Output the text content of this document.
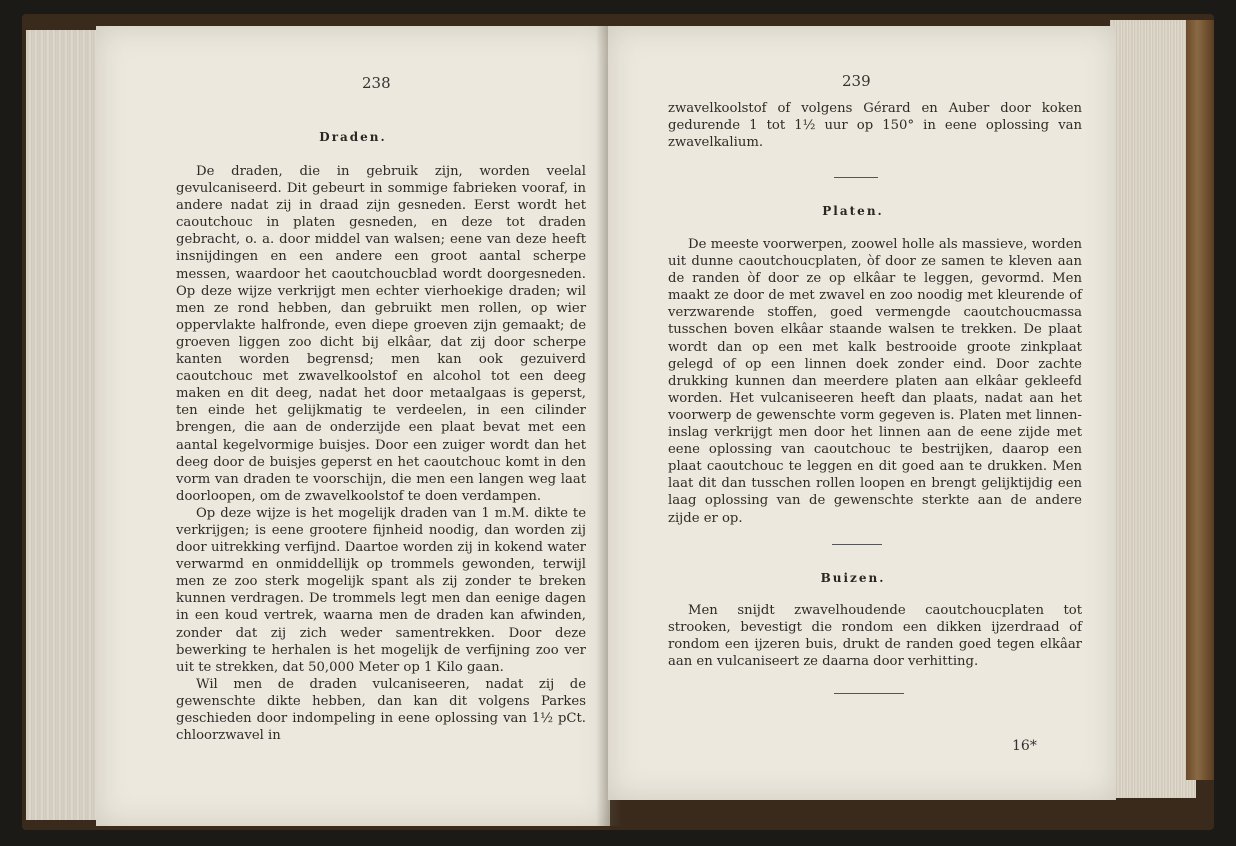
238
Draden.

De draden, die in gebruik zijn, worden veelal gevulcaniseerd. Dit gebeurt in sommige fabrieken vooraf, in andere nadat zij in draad zijn gesneden. Eerst wordt het caoutchouc in platen gesneden, en deze tot draden gebracht, o. a. door middel van walsen; eene van deze heeft insnijdingen en een andere een groot aantal scherpe messen, waardoor het caoutchoucblad wordt doorgesneden. Op deze wijze verkrijgt men echter vierhoekige draden; wil men ze rond hebben, dan gebruikt men rollen, op wier oppervlakte halfronde, even diepe groeven zijn gemaakt; de groeven liggen zoo dicht bij elkâar, dat zij door scherpe kanten worden begrensd; men kan ook gezuiverd caoutchouc met zwavelkoolstof en alcohol tot een deeg maken en dit deeg, nadat het door metaalgaas is geperst, ten einde het gelijkmatig te verdeelen, in een cilinder brengen, die aan de onderzijde een plaat bevat met een aantal kegelvormige buisjes. Door een zuiger wordt dan het deeg door de buisjes geperst en het caoutchouc komt in den vorm van draden te voorschijn, die men een langen weg laat doorloopen, om de zwavelkoolstof te doen verdampen.

Op deze wijze is het mogelijk draden van 1 m.M. dikte te verkrijgen; is eene grootere fijnheid noodig, dan worden zij door uitrekking verfijnd. Daartoe worden zij in kokend water verwarmd en onmiddellijk op trommels gewonden, terwijl men ze zoo sterk mogelijk spant als zij zonder te breken kunnen verdragen. De trommels legt men dan eenige dagen in een koud vertrek, waarna men de draden kan afwinden, zonder dat zij zich weder samentrekken. Door deze bewerking te herhalen is het mogelijk de verfijning zoo ver uit te strekken, dat 50,000 Meter op 1 Kilo gaan.

Wil men de draden vulcaniseeren, nadat zij de gewenschte dikte hebben, dan kan dit volgens Parkes geschieden door indompeling in eene oplossing van 1½ pCt. chloorzwavel in

239

zwavelkoolstof of volgens Gérard en Auber door koken gedurende 1 tot 1½ uur op 150° in eene oplossing van zwavelkalium.

Platen.

De meeste voorwerpen, zoowel holle als massieve, worden uit dunne caoutchoucplaten, òf door ze samen te kleven aan de randen òf door ze op elkâar te leggen, gevormd. Men maakt ze door de met zwavel en zoo noodig met kleurende of verzwarende stoffen, goed vermengde caoutchoucmassa tusschen boven elkâar staande walsen te trekken. De plaat wordt dan op een met kalk bestrooide groote zinkplaat gelegd of op een linnen doek zonder eind. Door zachte drukking kunnen dan meerdere platen aan elkâar gekleefd worden. Het vulcaniseeren heeft dan plaats, nadat aan het voorwerp de gewenschte vorm gegeven is. Platen met linnen-inslag verkrijgt men door het linnen aan de eene zijde met eene oplossing van caoutchouc te bestrijken, daarop een plaat caoutchouc te leggen en dit goed aan te drukken. Men laat dit dan tusschen rollen loopen en brengt gelijktijdig een laag oplossing van de gewenschte sterkte aan de andere zijde er op.

Buizen.

Men snijdt zwavelhoudende caoutchoucplaten tot strooken, bevestigt die rondom een dikken ijzerdraad of rondom een ijzeren buis, drukt de randen goed tegen elkâar aan en vulcaniseert ze daarna door verhitting.

16*
